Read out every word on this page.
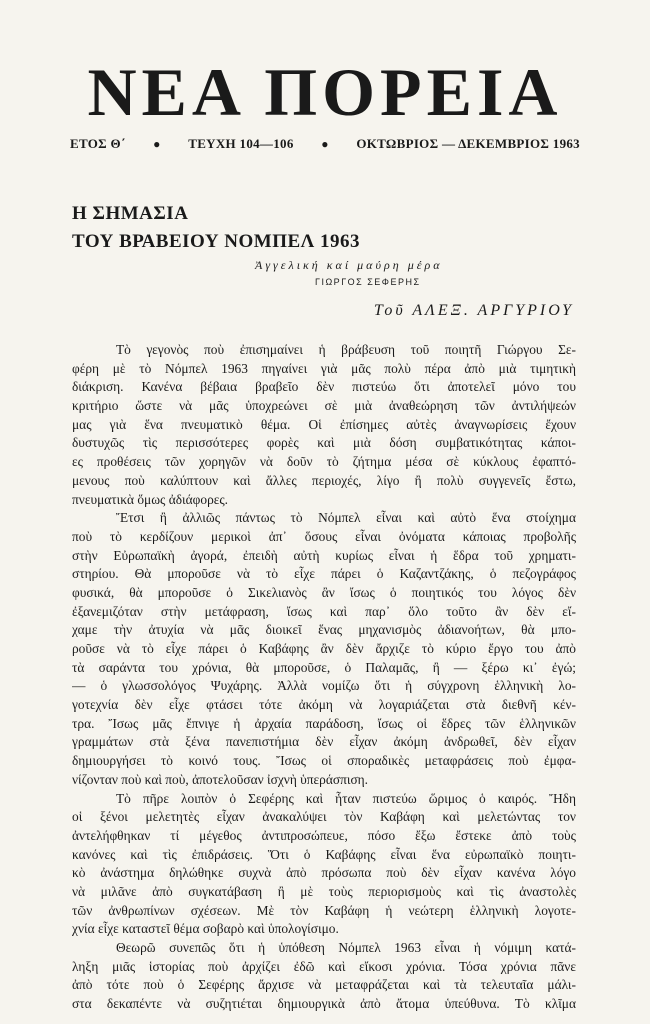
ΝΕΑ ΠΟΡΕΙΑ
ΕΤΟΣ Θ΄ ● ΤΕΥΧΗ 104—106 ● ΟΚΤΩΒΡΙΟΣ — ΔΕΚΕΜΒΡΙΟΣ 1963
Η ΣΗΜΑΣΙΑ
ΤΟΥ ΒΡΑΒΕΙΟΥ ΝΟΜΠΕΛ 1963
Ἀγγελική καί μαύρη μέρα
ΓΙΩΡΓΟΣ ΣΕΦΕΡΗΣ
Τοῦ ΑΛΕΞ. ΑΡΓΥΡΙΟΥ
Τὸ γεγονὸς ποὺ ἐπισημαίνει ἡ βράβευση τοῦ ποιητῆ Γιώργου Σε-
φέρη μὲ τὸ Νόμπελ 1963 πηγαίνει γιὰ μᾶς πολὺ πέρα ἀπὸ μιὰ τιμητικὴ
διάκριση. Κανένα βέβαια βραβεῖο δὲν πιστεύω ὅτι ἀποτελεῖ μόνο του
κριτήριο ὥστε νὰ μᾶς ὑποχρεώνει σὲ μιὰ ἀναθεώρηση τῶν ἀντιλήψεών
μας γιὰ ἕνα πνευματικὸ θέμα. Οἱ ἐπίσημες αὐτὲς ἀναγνωρίσεις ἔχουν
δυστυχῶς τὶς περισσότερες φορὲς καὶ μιὰ δόση συμβατικότητας κάποι-
ες προθέσεις τῶν χορηγῶν νὰ δοῦν τὸ ζήτημα μέσα σὲ κύκλους ἐφαπτό-
μενους ποὺ καλύπτουν καὶ ἄλλες περιοχές, λίγο ἢ πολὺ συγγενεῖς ἔστω,
πνευματικὰ ὅμως ἀδιάφορες.
Ἔτσι ἢ ἀλλιῶς πάντως τὸ Νόμπελ εἶναι καὶ αὐτὸ ἕνα στοίχημα
ποὺ τὸ κερδίζουν μερικοὶ ἀπ᾽ ὅσους εἶναι ὀνόματα κάποιας προβολῆς
στὴν Εὐρωπαϊκὴ ἀγορά, ἐπειδὴ αὐτὴ κυρίως εἶναι ἡ ἕδρα τοῦ χρηματι-
στηρίου. Θὰ μποροῦσε νὰ τὸ εἶχε πάρει ὁ Καζαντζάκης, ὁ πεζογράφος
φυσικά, θὰ μποροῦσε ὁ Σικελιανὸς ἂν ἴσως ὁ ποιητικός του λόγος δὲν
ἐξανεμιζόταν στὴν μετάφραση, ἴσως καὶ παρ᾽ ὅλο τοῦτο ἂν δὲν εἴ-
χαμε τὴν ἀτυχία νὰ μᾶς διοικεῖ ἕνας μηχανισμὸς ἀδιανοήτων, θὰ μπο-
ροῦσε νὰ τὸ εἶχε πάρει ὁ Καβάφης ἂν δὲν ἄρχιζε τὸ κύριο ἔργο του ἀπὸ
τὰ σαράντα του χρόνια, θὰ μποροῦσε, ὁ Παλαμᾶς, ἢ — ξέρω κι᾽ ἐγώ;
— ὁ γλωσσολόγος Ψυχάρης. Ἀλλὰ νομίζω ὅτι ἡ σύγχρονη ἑλληνικὴ λο-
γοτεχνία δὲν εἶχε φτάσει τότε ἀκόμη νὰ λογαριάζεται στὰ διεθνῆ κέν-
τρα. Ἴσως μᾶς ἔπνιγε ἡ ἀρχαία παράδοση, ἴσως οἱ ἕδρες τῶν ἑλληνικῶν
γραμμάτων στὰ ξένα πανεπιστήμια δὲν εἶχαν ἀκόμη ἀνδρωθεῖ, δὲν εἶχαν
δημιουργήσει τὸ κοινό τους. Ἴσως οἱ σποραδικὲς μεταφράσεις ποὺ ἐμφα-
νίζονταν ποὺ καὶ ποὺ, ἀποτελοῦσαν ἰσχνὴ ὑπεράσπιση.
Τὸ πῆρε λοιπὸν ὁ Σεφέρης καὶ ἦταν πιστεύω ὥριμος ὁ καιρός. Ἤδη
οἱ ξένοι μελετητὲς εἶχαν ἀνακαλύψει τὸν Καβάφη καὶ μελετώντας τον
ἀντελήφθηκαν τί μέγεθος ἀντιπροσώπευε, πόσο ἔξω ἔστεκε ἀπὸ τοὺς
κανόνες καὶ τὶς ἐπιδράσεις. Ὅτι ὁ Καβάφης εἶναι ἕνα εὐρωπαϊκὸ ποιητι-
κὸ ἀνάστημα δηλώθηκε συχνὰ ἀπὸ πρόσωπα ποὺ δὲν εἶχαν κανένα λόγο
νὰ μιλᾶνε ἀπὸ συγκατάβαση ἢ μὲ τοὺς περιορισμοὺς καὶ τὶς ἀναστολὲς
τῶν ἀνθρωπίνων σχέσεων. Μὲ τὸν Καβάφη ἡ νεώτερη ἑλληνικὴ λογοτε-
χνία εἶχε καταστεῖ θέμα σοβαρὸ καὶ ὑπολογίσιμο.
Θεωρῶ συνεπῶς ὅτι ἡ ὑπόθεση Νόμπελ 1963 εἶναι ἡ νόμιμη κατά-
ληξη μιᾶς ἱστορίας ποὺ ἀρχίζει ἐδῶ καὶ εἴκοσι χρόνια. Τόσα χρόνια πᾶνε
ἀπὸ τότε ποὺ ὁ Σεφέρης ἄρχισε νὰ μεταφράζεται καὶ τὰ τελευταῖα μάλι-
στα δεκαπέντε νὰ συζητιέται δημιουργικὰ ἀπὸ ἄτομα ὑπεύθυνα. Τὸ κλῖμα
